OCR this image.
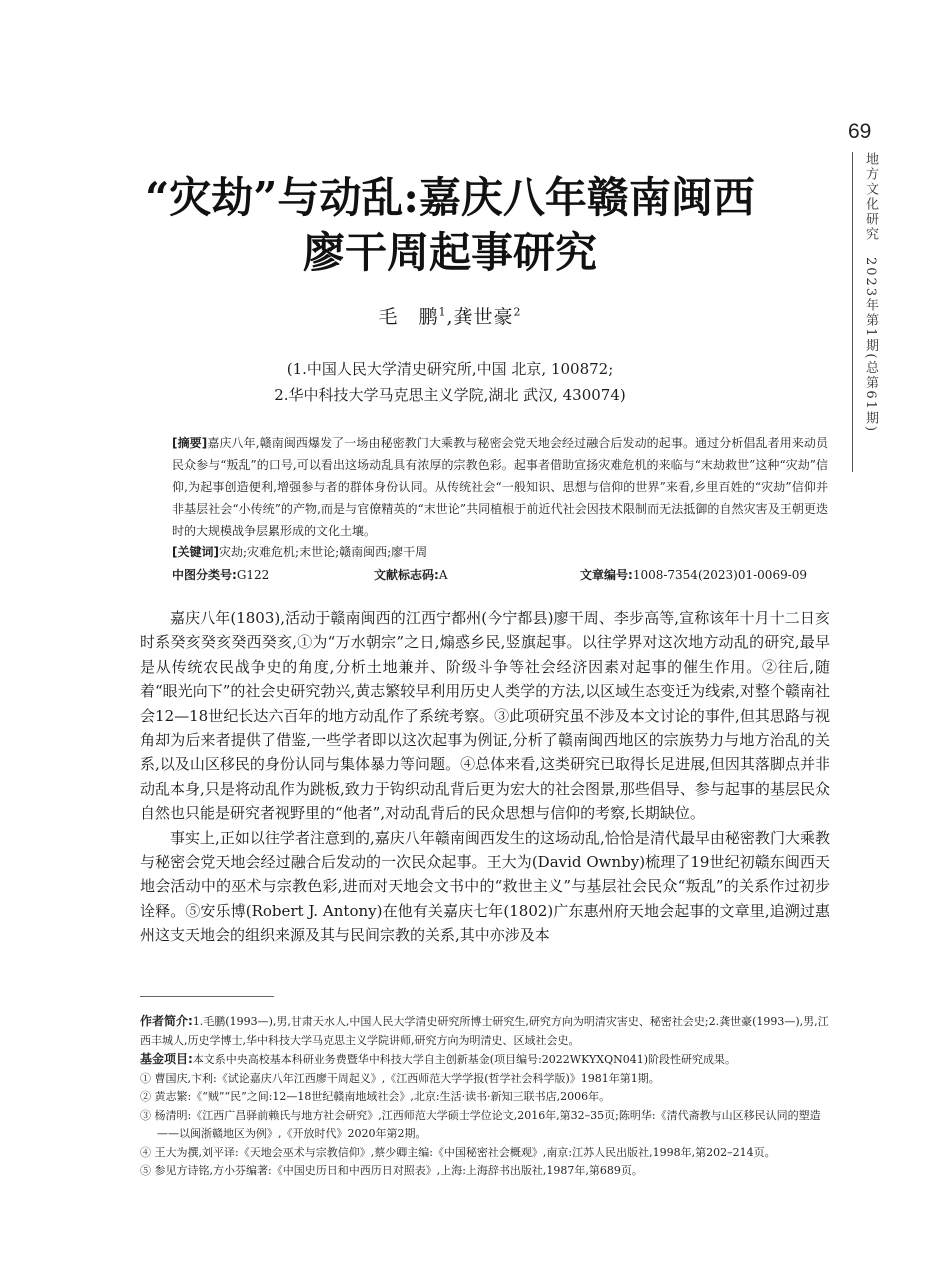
69
地方文化研究　2023年第1期(总第61期)
“灾劫”与动乱:嘉庆八年赣南闽西
廖干周起事研究
毛　鹏$^1$,龚世豪$^2$
(1.中国人民大学清史研究所,中国 北京, 100872;
2.华中科技大学马克思主义学院,湖北 武汉, 430074)
[摘要]嘉庆八年,赣南闽西爆发了一场由秘密教门大乘教与秘密会党天地会经过融合后发动的起事。通过分析倡乱者用来动员民众参与“叛乱”的口号,可以看出这场动乱具有浓厚的宗教色彩。起事者借助宣扬灾难危机的来临与“末劫救世”这种“灾劫”信仰,为起事创造便利,增强参与者的群体身份认同。从传统社会“一般知识、思想与信仰的世界”来看,乡里百姓的“灾劫”信仰并非基层社会“小传统”的产物,而是与官僚精英的“末世论”共同植根于前近代社会因技术限制而无法抵御的自然灾害及王朝更迭时的大规模战争层累形成的文化土壤。
[关键词]灾劫;灾难危机;末世论;赣南闽西;廖干周
中图分类号:G122	文献标志码:A	文章编号:1008-7354(2023)01-0069-09

嘉庆八年(1803),活动于赣南闽西的江西宁都州(今宁都县)廖干周、李步高等,宣称该年十月十二日亥时系癸亥癸亥癸西癸亥,①为“万水朝宗”之日,煽惑乡民,竖旗起事。以往学界对这次地方动乱的研究,最早是从传统农民战争史的角度,分析土地兼并、阶级斗争等社会经济因素对起事的催生作用。②往后,随着“眼光向下”的社会史研究勃兴,黄志繁较早利用历史人类学的方法,以区域生态变迁为线索,对整个赣南社会12—18世纪长达六百年的地方动乱作了系统考察。③此项研究虽不涉及本文讨论的事件,但其思路与视角却为后来者提供了借鉴,一些学者即以这次起事为例证,分析了赣南闽西地区的宗族势力与地方治乱的关系,以及山区移民的身份认同与集体暴力等问题。④总体来看,这类研究已取得长足进展,但因其落脚点并非动乱本身,只是将动乱作为跳板,致力于钩织动乱背后更为宏大的社会图景,那些倡导、参与起事的基层民众自然也只能是研究者视野里的“他者”,对动乱背后的民众思想与信仰的考察,长期缺位。

事实上,正如以往学者注意到的,嘉庆八年赣南闽西发生的这场动乱,恰恰是清代最早由秘密教门大乘教与秘密会党天地会经过融合后发动的一次民众起事。王大为(David Ownby)梳理了19世纪初赣东闽西天地会活动中的巫术与宗教色彩,进而对天地会文书中的“救世主义”与基层社会民众“叛乱”的关系作过初步诠释。⑤安乐博(Robert J. Antony)在他有关嘉庆七年(1802)广东惠州府天地会起事的文章里,追溯过惠州这支天地会的组织来源及其与民间宗教的关系,其中亦涉及本

作者简介:1.毛鹏(1993—),男,甘肃天水人,中国人民大学清史研究所博士研究生,研究方向为明清灾害史、秘密社会史;2.龚世豪(1993—),男,江西丰城人,历史学博士,华中科技大学马克思主义学院讲师,研究方向为明清史、区域社会史。

基金项目:本文系中央高校基本科研业务费暨华中科技大学自主创新基金(项目编号:2022WKYXQN041)阶段性研究成果。

① 曹国庆,卞利:《试论嘉庆八年江西廖干周起义》,《江西师范大学学报(哲学社会科学版)》1981年第1期。

② 黄志繁:《“贼”“民”之间:12—18世纪赣南地域社会》,北京:生活·读书·新知三联书店,2006年。

③ 杨清明:《江西广昌驿前赖氏与地方社会研究》,江西师范大学硕士学位论文,2016年,第32–35页;陈明华:《清代斋教与山区移民认同的塑造——以闽浙赣地区为例》,《开放时代》2020年第2期。

④ 王大为撰,刘平译:《天地会巫术与宗教信仰》,蔡少卿主编:《中国秘密社会概观》,南京:江苏人民出版社,1998年,第202–214页。

⑤ 参见方诗铭,方小芬编著:《中国史历日和中西历日对照表》,上海:上海辞书出版社,1987年,第689页。
